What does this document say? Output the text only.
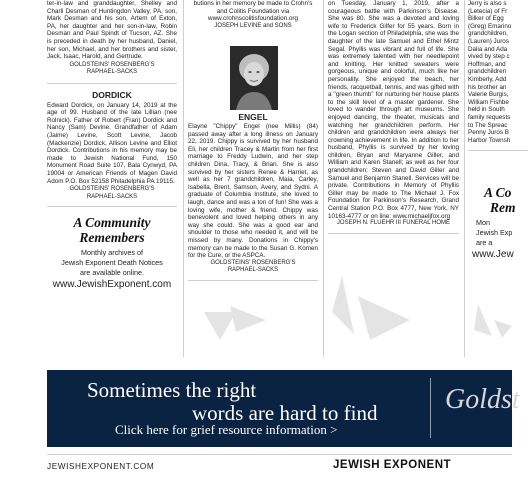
ter-in-law and granddaughter, Shelley and Charli Desman of Huntingdon Valley, PA, son, Mark Desman and his son, Artem of Exton, PA, her daughter and her son-in-law, Robin Desman and Paul Spindt of Tucson, AZ. She is preceded in death by her husband, Daniel, her son, Michael, and her brothers and sister, Jack, Isaac, Harold, and Gertrude.

GOLDSTEINS' ROSENBERG'S
RAPHAEL-SACKS
DORDICK

Edward Dordick, on January 14, 2019 at the age of 99. Husband of the late Lillian (nee Rolnick). Father of Robert (Fran) Dordick and Nancy (Sam) Devine. Grandfather of Adam (Jaime) Levine, Scott Levine, Jacob (Mackenzie) Dordick, Allison Levine and Elliot Dordick. Contributions in his memory may be made to Jewish National Fund, 150 Monument Road Suite 107, Bala Cynwyd, PA 19004 or American Friends of Magen David Adom P.O. Box 52158 Philadelphia PA 19115.

GOLDSTEINS' ROSENBERG'S
RAPHAEL-SACKS
A Community
Remembers
Monthly archives of
Jewish Exponent Death Notices
are available online.
www.JewishExponent.com

butions in her memory be made to Crohn's and Colitis Foundation via www.crohnscolitisfoundation.org

JOSEPH LEVINE and SONS
ENGEL

Elayne "Chippy" Engel (nee Millis) (84) passed away after a long illness on January 22, 2019. Chippy is survived by her husband Eli, her children Tracey & Martin from her first marriage to Freddy Ludwin, and her step children Dina, Tracy, & Brian. She is also survived by her sisters Renee & Harriet, as well as her 7 grandchildren, Maia, Carley, Isabella, Brent, Samson, Avery, and Sydni. A graduate of Columbia Institute, she loved to laugh, dance and was a ton of fun! She was a loving wife, mother & friend. Chippy was benevolent and loved helping others in any way she could. She was a good ear and shoulder to those who needed it, and will be missed by many. Donations in Chippy's memory can be made to the Susan G. Komen for the Cure, or the ASPCA.

GOLDSTEINS' ROSENBERG'S
RAPHAEL-SACKS

on Tuesday, January 1, 2019, after a courageous battle with Parkinson's Disease. She was 80. She was a devoted and loving wife to Frederick Gilfer for 55 years. Born in the Logan section of Philadelphia, she was the daughter of the late Samuel and Ethel Mintz Segal. Phyllis was vibrant and full of life. She was extremely talented with her needlepoint and knitting. Her knitted sweaters were gorgeous, unique and colorful, much like her personality. She enjoyed the beach, her friends, racquetball, tennis, and was gifted with a "green thumb" for nurturing her house plants to the skill level of a master gardener. She loved to wander through art museums. She enjoyed dancing, the theater, musicals and watching her grandchildren perform. Her children and grandchildren were always her crowning achievement in life. In addition to her husband, Phyllis is survived by her loving children, Bryan and Maryanne Giller, and William and Karen Stanell; as well as her four grandchildren; Steven and David Giller and Samuel and Benjamin Stanell. Services will be private. Contributions in Memory of Phyllis Giller may be made to The Michael J. Fox Foundation for Parkinson's Research, Grand Central Station P.O. Box 4777, New York, NY 10163-4777 or on line: www.michaeljfox.org

JOSEPH N. FLUEHR III FUNERAL HOME
Jerry is also s
(Letecia) of Fr
Bilker of Egg
(Greg) Emarino
grandchildren,
(Lauren) Juros
Dalia and Ada
vived by step c
Hoffman, and
grandchildren
Kimberly, Add
his brother an
Valerie Burgis,
William Fishbe
held in South
family requests
to The Spreac
Penny Juros B
Harbor Townsh
A Co
Rem
Mon
Jewish Exp
are a
www.Jew
Sometimes the right
words are hard to find
Click here for grief resource information >
Goldst
JEWISHEXPONENT.COM	JEWISH EXPONENT
